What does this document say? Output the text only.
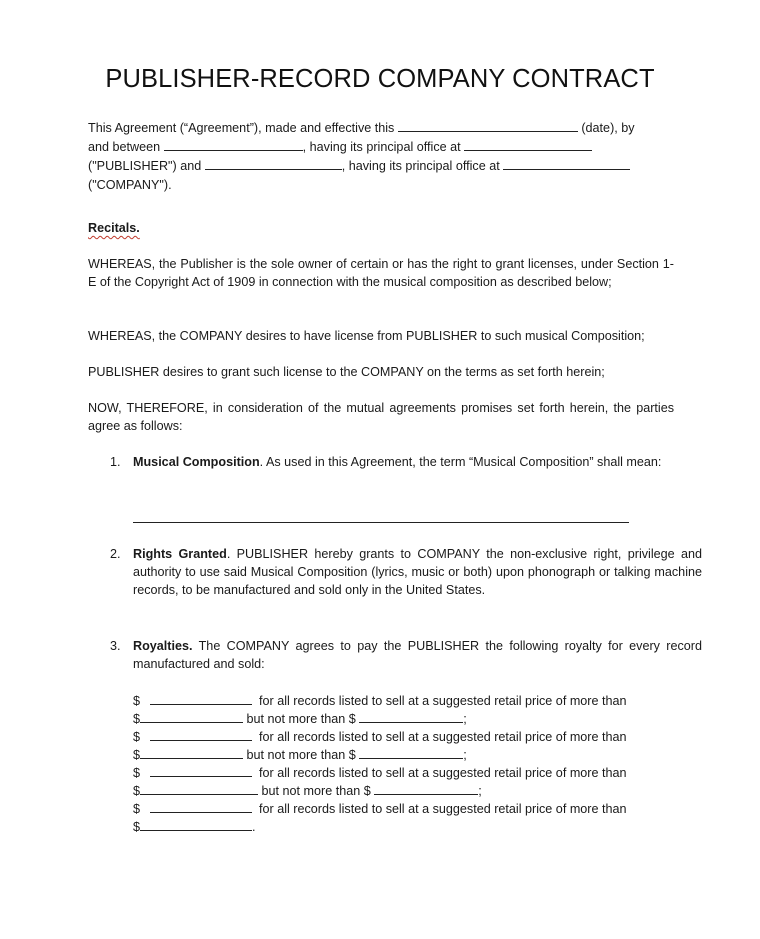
PUBLISHER-RECORD COMPANY CONTRACT
This Agreement (“Agreement”), made and effective this	(date), by
and between	, having its principal office at
("PUBLISHER") and	, having its principal office at
("COMPANY").
Recitals.
WHEREAS, the Publisher is the sole owner of certain or has the right to grant licenses, under Section 1-E of the Copyright Act of 1909 in connection with the musical composition as described below;
WHEREAS, the COMPANY desires to have license from PUBLISHER to such musical Composition;
PUBLISHER desires to grant such license to the COMPANY on the terms as set forth herein;
NOW, THEREFORE, in consideration of the mutual agreements promises set forth herein, the parties agree as follows:
1. Musical Composition. As used in this Agreement, the term “Musical Composition” shall mean:
2. Rights Granted. PUBLISHER hereby grants to COMPANY the non-exclusive right, privilege and authority to use said Musical Composition (lyrics, music or both) upon phonograph or talking machine records, to be manufactured and sold only in the United States.
3. Royalties. The COMPANY agrees to pay the PUBLISHER the following royalty for every record manufactured and sold:
$	for all records listed to sell at a suggested retail price of more than
$	but not more than $	;
$	for all records listed to sell at a suggested retail price of more than
$	but not more than $	;
$	for all records listed to sell at a suggested retail price of more than
$	but not more than $	;
$	for all records listed to sell at a suggested retail price of more than
$	.
